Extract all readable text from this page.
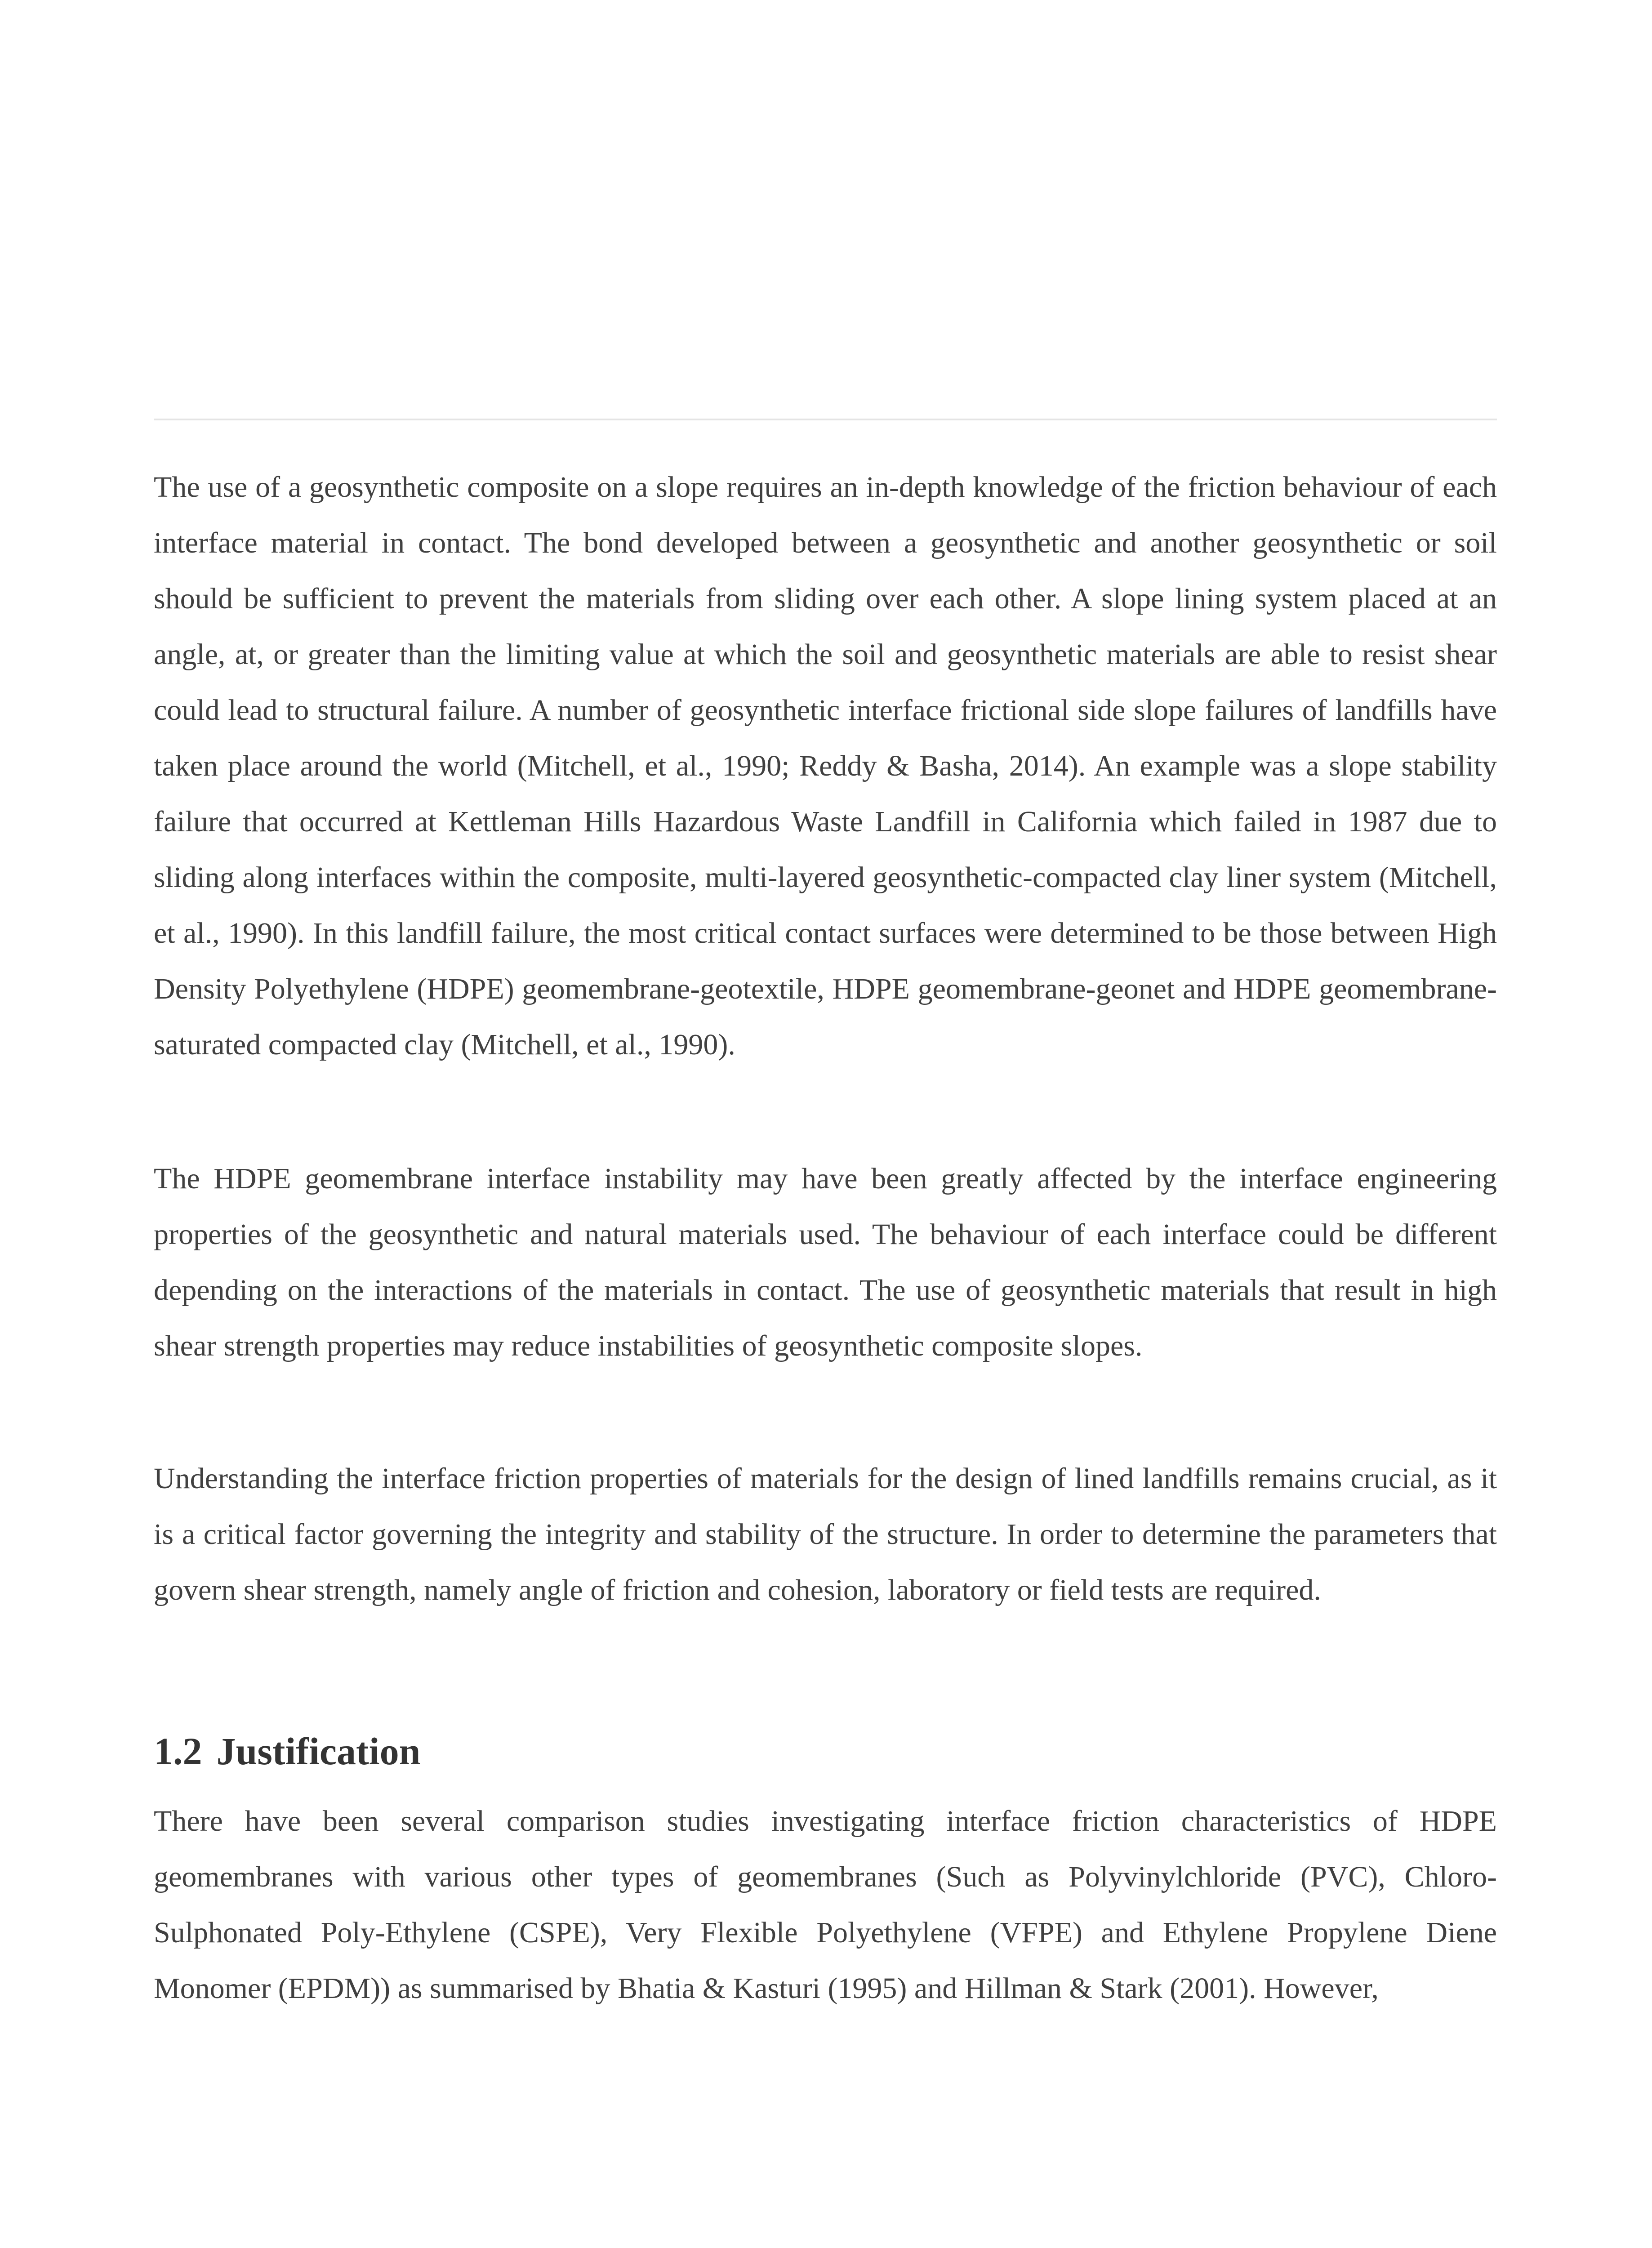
The use of a geosynthetic composite on a slope requires an in-depth knowledge of the friction behaviour of each interface material in contact. The bond developed between a geosynthetic and another geosynthetic or soil should be sufficient to prevent the materials from sliding over each other. A slope lining system placed at an angle, at, or greater than the limiting value at which the soil and geosynthetic materials are able to resist shear could lead to structural failure. A number of geosynthetic interface frictional side slope failures of landfills have taken place around the world (Mitchell, et al., 1990; Reddy & Basha, 2014). An example was a slope stability failure that occurred at Kettleman Hills Hazardous Waste Landfill in California which failed in 1987 due to sliding along interfaces within the composite, multi-layered geosynthetic-compacted clay liner system (Mitchell, et al., 1990). In this landfill failure, the most critical contact surfaces were determined to be those between High Density Polyethylene (HDPE) geomembrane-geotextile, HDPE geomembrane-geonet and HDPE geomembrane-saturated compacted clay (Mitchell, et al., 1990).

The HDPE geomembrane interface instability may have been greatly affected by the interface engineering properties of the geosynthetic and natural materials used. The behaviour of each interface could be different depending on the interactions of the materials in contact. The use of geosynthetic materials that result in high shear strength properties may reduce instabilities of geosynthetic composite slopes.

Understanding the interface friction properties of materials for the design of lined landfills remains crucial, as it is a critical factor governing the integrity and stability of the structure. In order to determine the parameters that govern shear strength, namely angle of friction and cohesion, laboratory or field tests are required.

1.2 Justification

There have been several comparison studies investigating interface friction characteristics of HDPE geomembranes with various other types of geomembranes (Such as Polyvinylchloride (PVC), Chloro-Sulphonated Poly-Ethylene (CSPE), Very Flexible Polyethylene (VFPE) and Ethylene Propylene Diene Monomer (EPDM)) as summarised by Bhatia & Kasturi (1995) and Hillman & Stark (2001). However,
